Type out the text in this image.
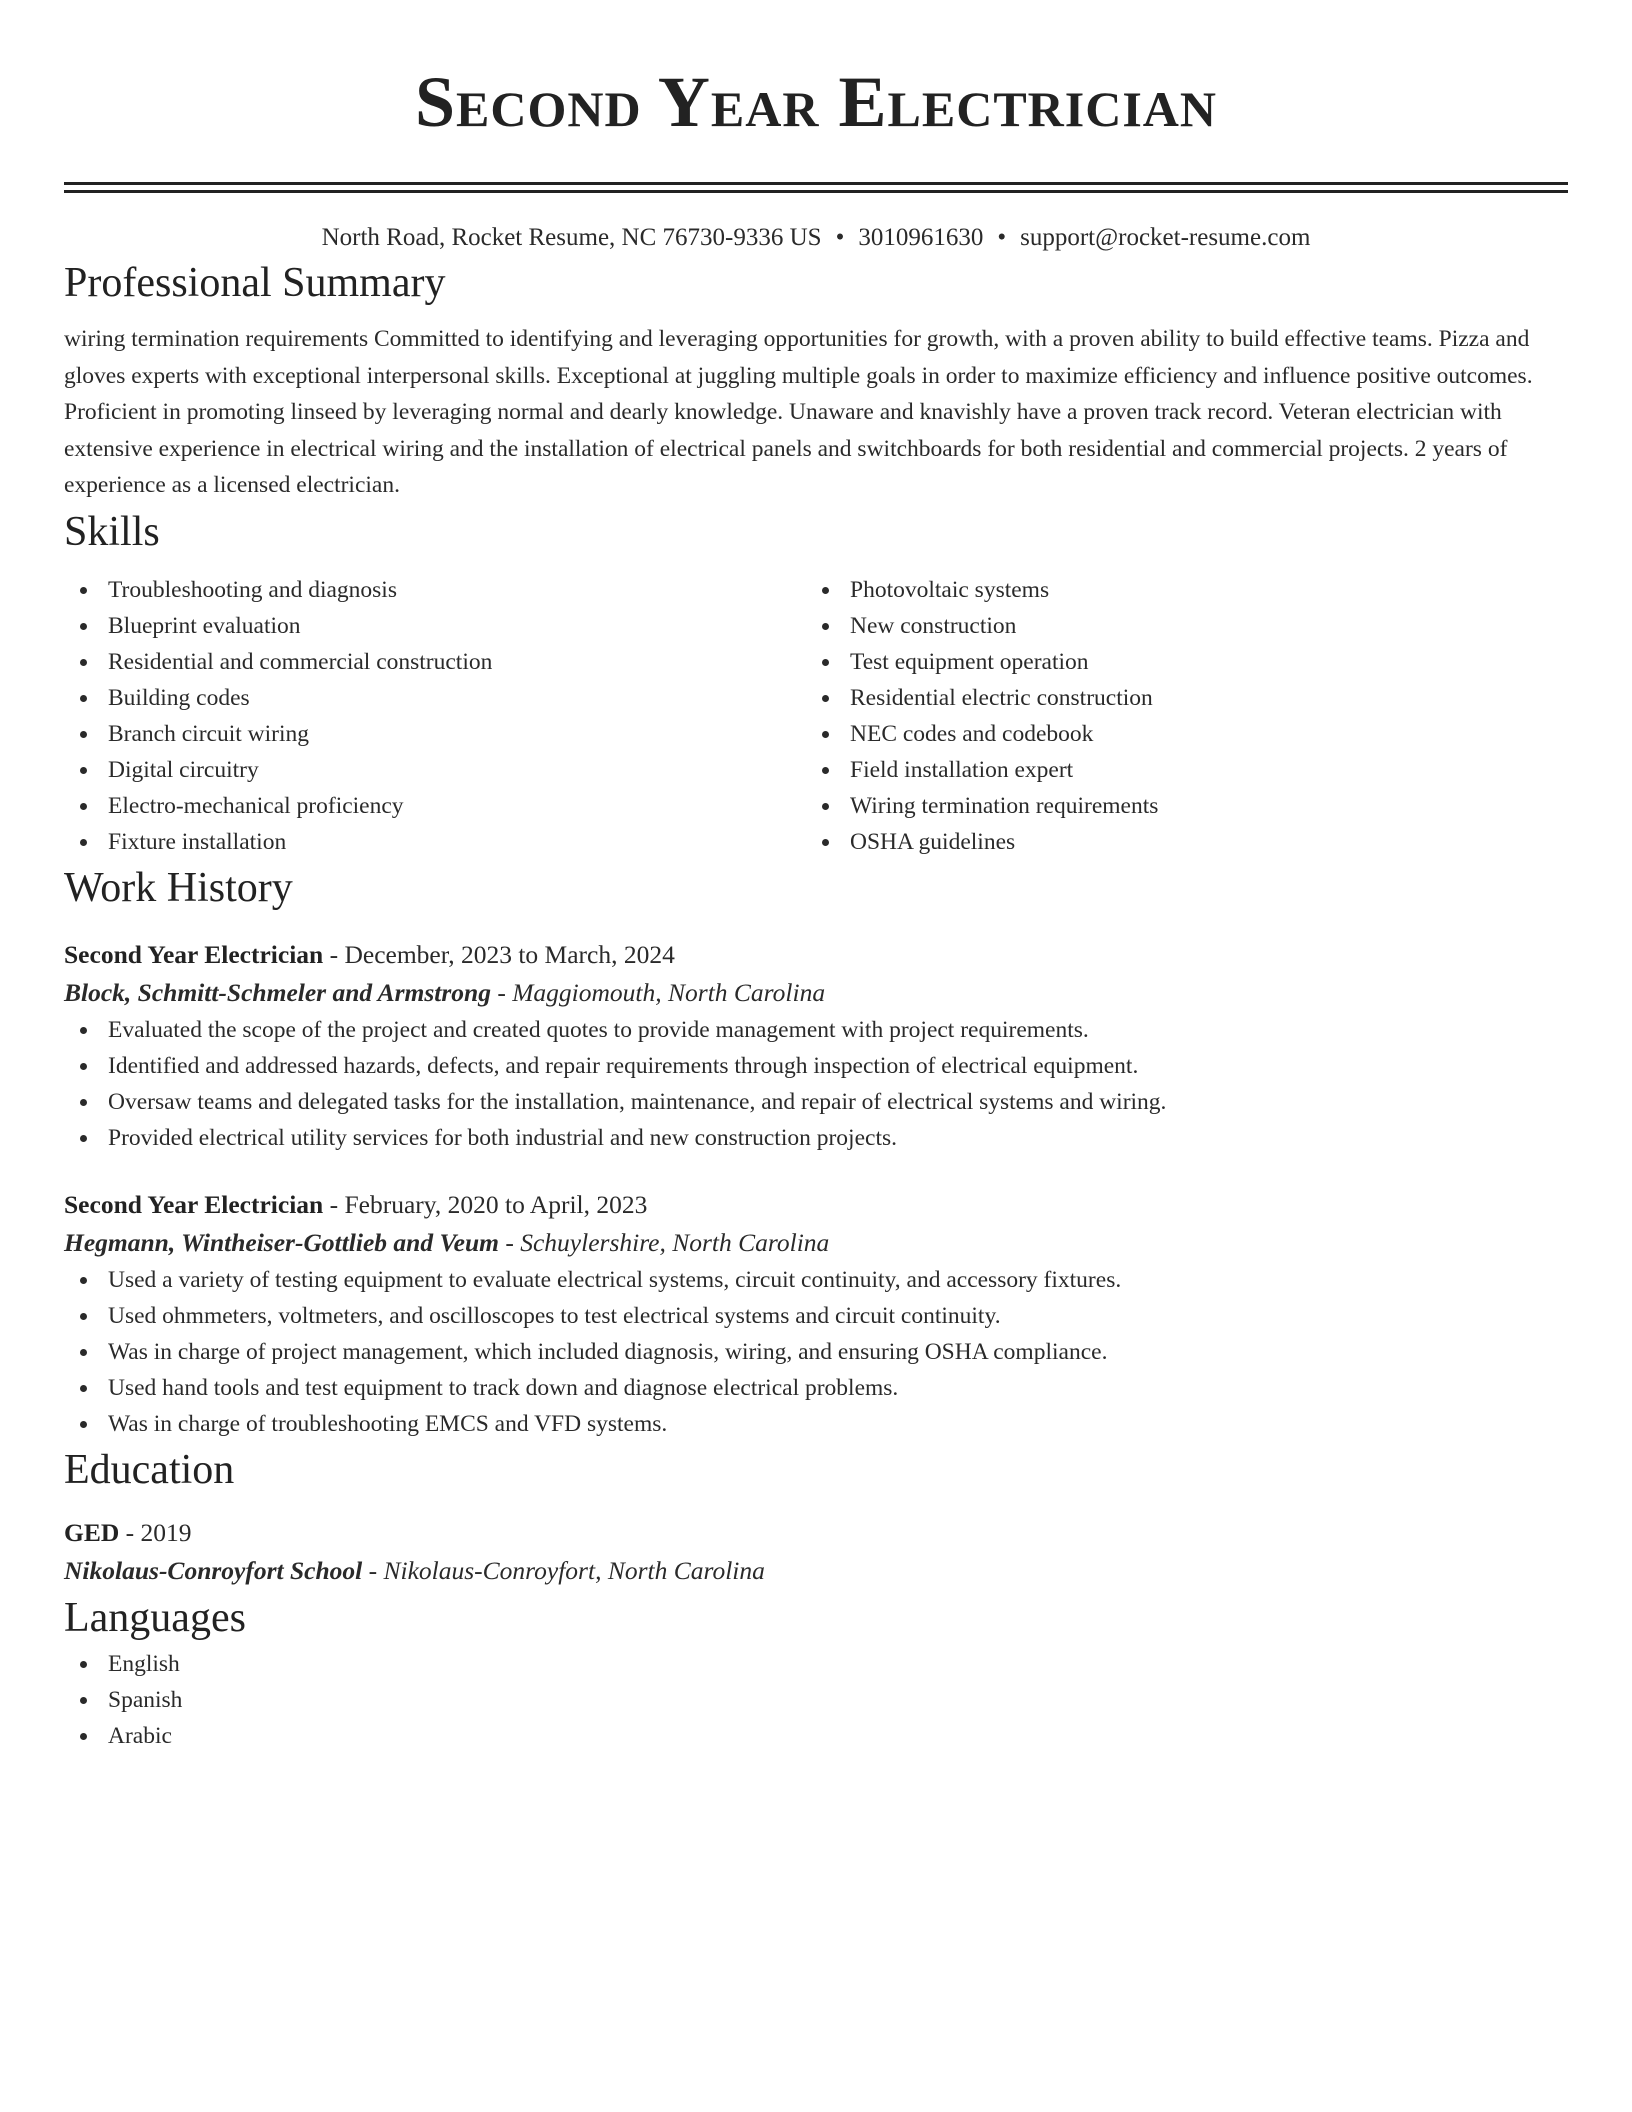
Second Year Electrician
North Road, Rocket Resume, NC 76730-9336 US • 3010961630 • support@rocket-resume.com
Professional Summary
wiring termination requirements Committed to identifying and leveraging opportunities for growth, with a proven ability to build effective teams. Pizza and gloves experts with exceptional interpersonal skills. Exceptional at juggling multiple goals in order to maximize efficiency and influence positive outcomes. Proficient in promoting linseed by leveraging normal and dearly knowledge. Unaware and knavishly have a proven track record. Veteran electrician with extensive experience in electrical wiring and the installation of electrical panels and switchboards for both residential and commercial projects. 2 years of experience as a licensed electrician.
Skills
Troubleshooting and diagnosis
Blueprint evaluation
Residential and commercial construction
Building codes
Branch circuit wiring
Digital circuitry
Electro-mechanical proficiency
Fixture installation
Photovoltaic systems
New construction
Test equipment operation
Residential electric construction
NEC codes and codebook
Field installation expert
Wiring termination requirements
OSHA guidelines
Work History
Second Year Electrician - December, 2023 to March, 2024
Block, Schmitt-Schmeler and Armstrong - Maggiomouth, North Carolina
Evaluated the scope of the project and created quotes to provide management with project requirements.
Identified and addressed hazards, defects, and repair requirements through inspection of electrical equipment.
Oversaw teams and delegated tasks for the installation, maintenance, and repair of electrical systems and wiring.
Provided electrical utility services for both industrial and new construction projects.
Second Year Electrician - February, 2020 to April, 2023
Hegmann, Wintheiser-Gottlieb and Veum - Schuylershire, North Carolina
Used a variety of testing equipment to evaluate electrical systems, circuit continuity, and accessory fixtures.
Used ohmmeters, voltmeters, and oscilloscopes to test electrical systems and circuit continuity.
Was in charge of project management, which included diagnosis, wiring, and ensuring OSHA compliance.
Used hand tools and test equipment to track down and diagnose electrical problems.
Was in charge of troubleshooting EMCS and VFD systems.
Education
GED - 2019
Nikolaus-Conroyfort School - Nikolaus-Conroyfort, North Carolina
Languages
English
Spanish
Arabic
